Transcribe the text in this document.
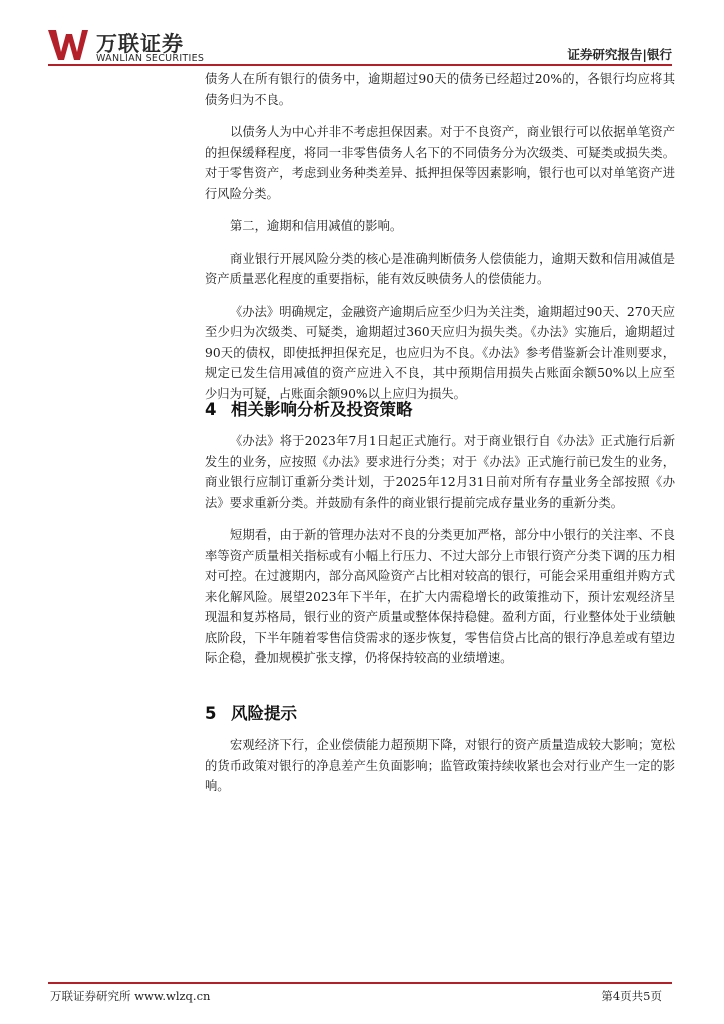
万联证券
WANLIAN SECURITIES	证券研究报告|银行

债务人在所有银行的债务中，逾期超过90天的债务已经超过20%的，各银行均应将其债务归为不良。

以债务人为中心并非不考虑担保因素。对于不良资产，商业银行可以依据单笔资产的担保缓释程度，将同一非零售债务人名下的不同债务分为次级类、可疑类或损失类。对于零售资产，考虑到业务种类差异、抵押担保等因素影响，银行也可以对单笔资产进行风险分类。

第二，逾期和信用减值的影响。

商业银行开展风险分类的核心是准确判断债务人偿债能力，逾期天数和信用减值是资产质量恶化程度的重要指标，能有效反映债务人的偿债能力。

《办法》明确规定，金融资产逾期后应至少归为关注类，逾期超过90天、270天应至少归为次级类、可疑类，逾期超过360天应归为损失类。《办法》实施后，逾期超过90天的债权，即使抵押担保充足，也应归为不良。《办法》参考借鉴新会计准则要求，规定已发生信用减值的资产应进入不良，其中预期信用损失占账面余额50%以上应至少归为可疑，占账面余额90%以上应归为损失。

4 相关影响分析及投资策略

《办法》将于2023年7月1日起正式施行。对于商业银行自《办法》正式施行后新发生的业务，应按照《办法》要求进行分类；对于《办法》正式施行前已发生的业务，商业银行应制订重新分类计划，于2025年12月31日前对所有存量业务全部按照《办法》要求重新分类。并鼓励有条件的商业银行提前完成存量业务的重新分类。

短期看，由于新的管理办法对不良的分类更加严格，部分中小银行的关注率、不良率等资产质量相关指标或有小幅上行压力、不过大部分上市银行资产分类下调的压力相对可控。在过渡期内，部分高风险资产占比相对较高的银行，可能会采用重组并购方式来化解风险。展望2023年下半年，在扩大内需稳增长的政策推动下，预计宏观经济呈现温和复苏格局，银行业的资产质量或整体保持稳健。盈利方面，行业整体处于业绩触底阶段，下半年随着零售信贷需求的逐步恢复，零售信贷占比高的银行净息差或有望边际企稳，叠加规模扩张支撑，仍将保持较高的业绩增速。

5 风险提示

宏观经济下行，企业偿债能力超预期下降，对银行的资产质量造成较大影响；宽松的货币政策对银行的净息差产生负面影响；监管政策持续收紧也会对行业产生一定的影响。

万联证券研究所 www.wlzq.cn	第4页共5页
